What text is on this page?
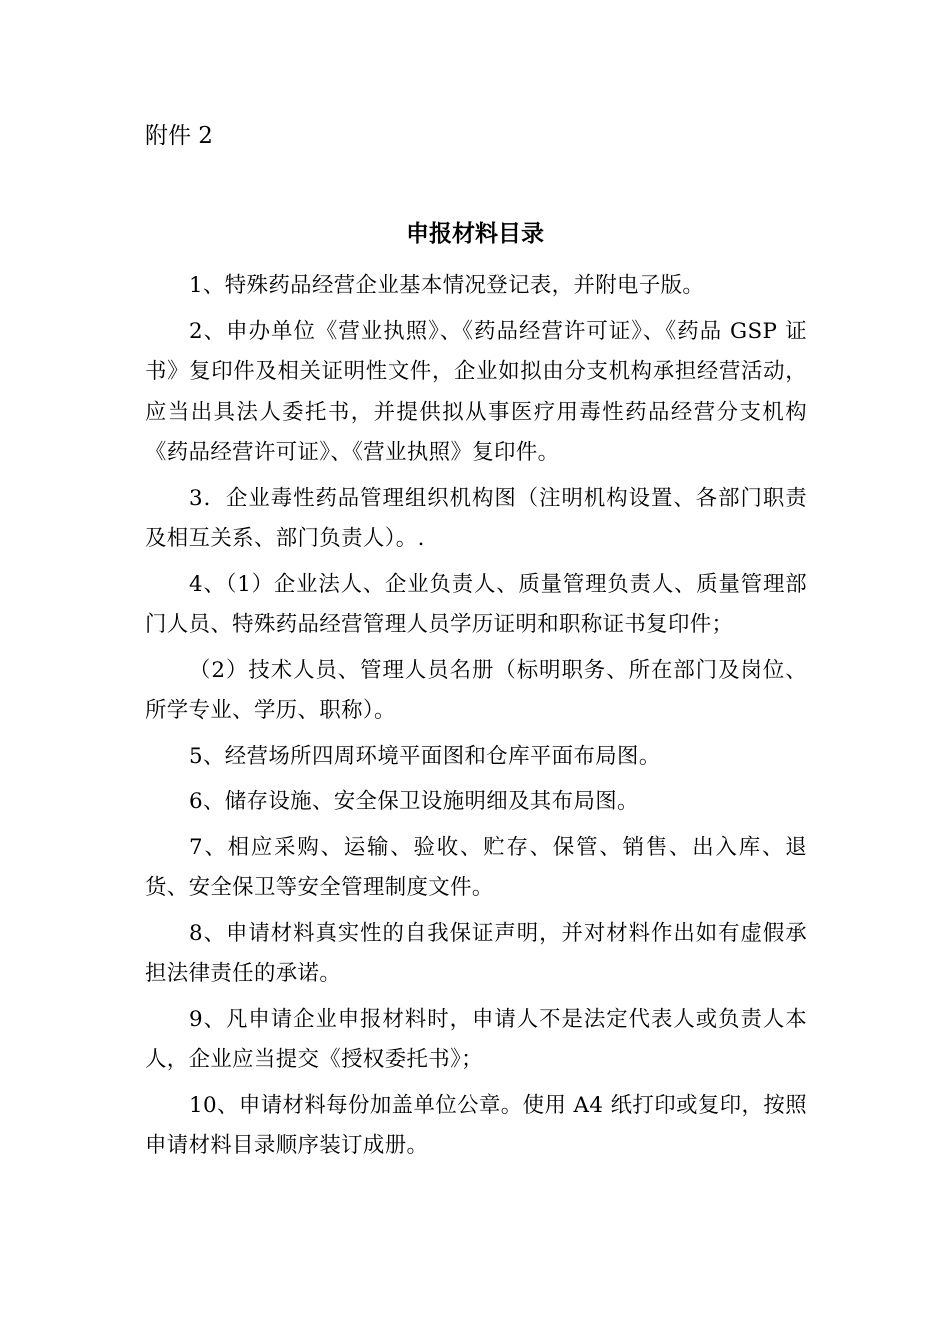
附件 2

申报材料目录

1、特殊药品经营企业基本情况登记表，并附电子版。

2、申办单位《营业执照》、《药品经营许可证》、《药品 GSP 证书》复印件及相关证明性文件，企业如拟由分支机构承担经营活动，应当出具法人委托书，并提供拟从事医疗用毒性药品经营分支机构《药品经营许可证》、《营业执照》复印件。

3．企业毒性药品管理组织机构图（注明机构设置、各部门职责及相互关系、部门负责人）。.

4、（1）企业法人、企业负责人、质量管理负责人、质量管理部门人员、特殊药品经营管理人员学历证明和职称证书复印件；

（2）技术人员、管理人员名册（标明职务、所在部门及岗位、所学专业、学历、职称）。

5、经营场所四周环境平面图和仓库平面布局图。

6、储存设施、安全保卫设施明细及其布局图。

7、相应采购、运输、验收、贮存、保管、销售、出入库、退货、安全保卫等安全管理制度文件。

8、申请材料真实性的自我保证声明，并对材料作出如有虚假承担法律责任的承诺。

9、凡申请企业申报材料时，申请人不是法定代表人或负责人本人，企业应当提交《授权委托书》；

10、申请材料每份加盖单位公章。使用 A4 纸打印或复印，按照申请材料目录顺序装订成册。
